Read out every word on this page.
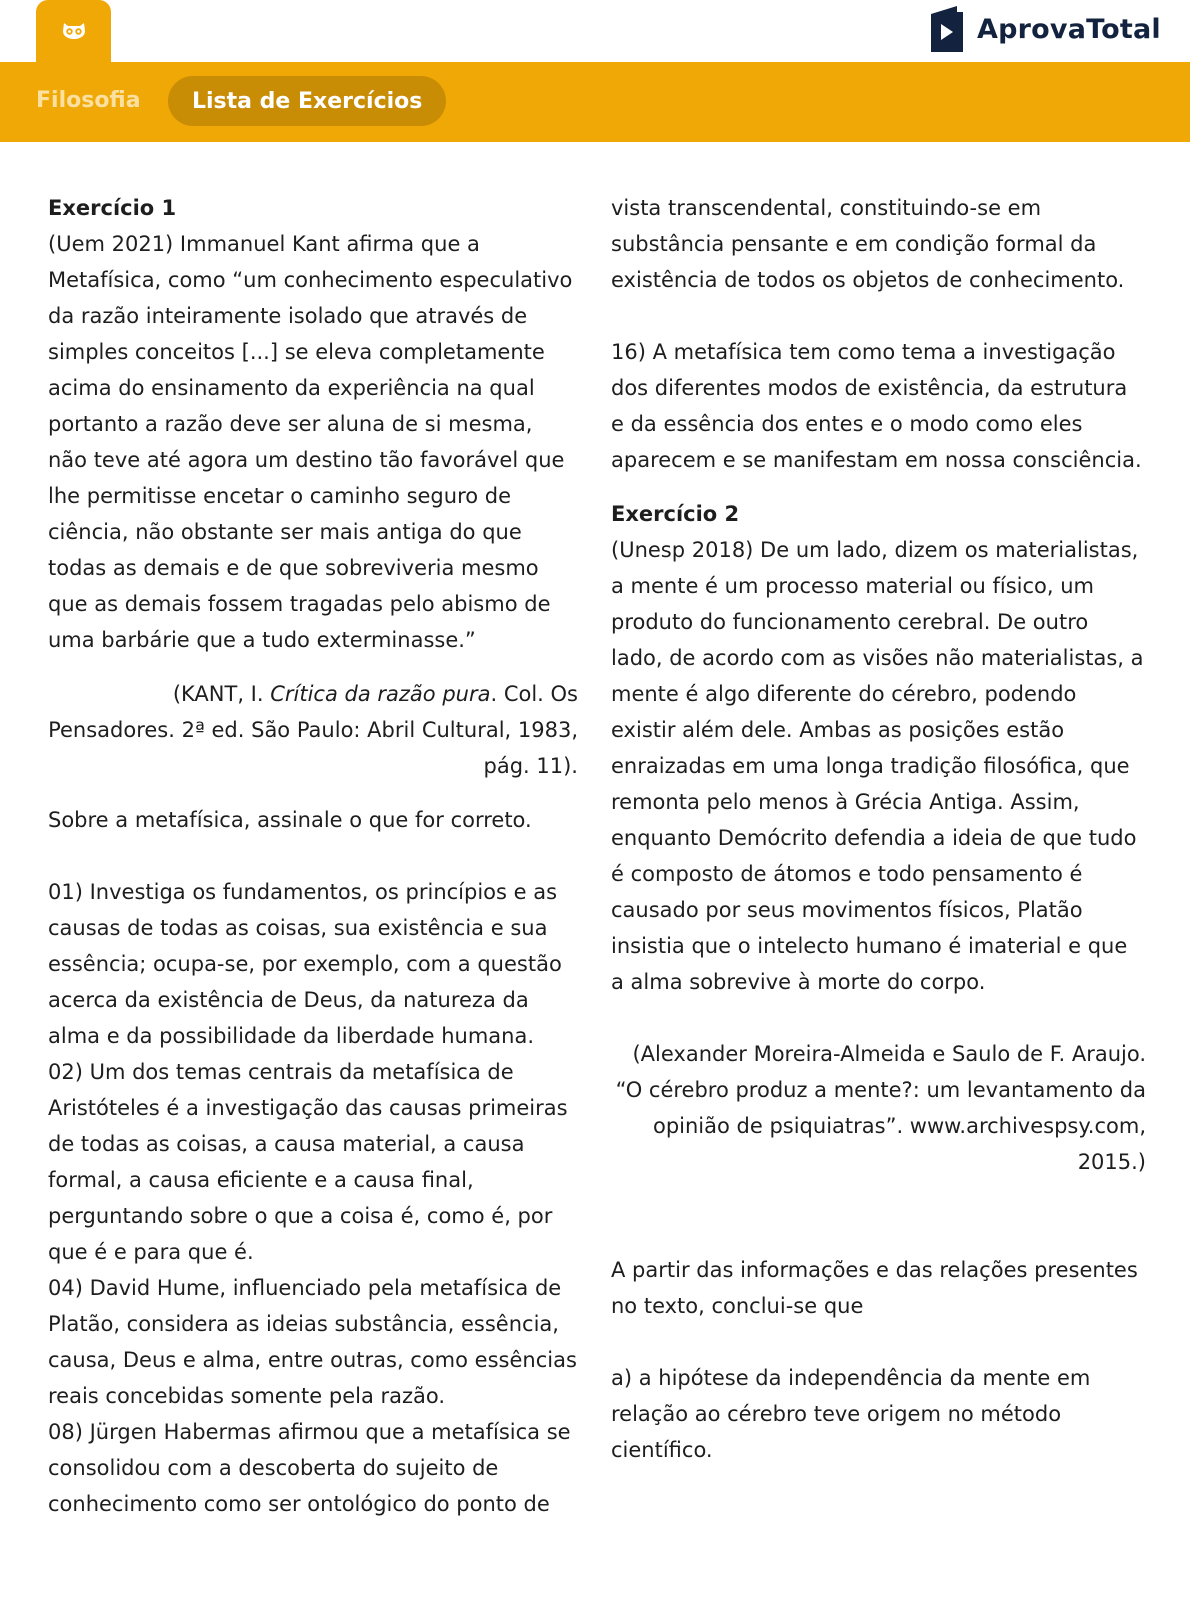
AprovaTotal
Filosofia	Lista de Exercícios

Exercício 1

(Uem 2021) Immanuel Kant afirma que a Metafísica, como “um conhecimento especulativo da razão inteiramente isolado que através de simples conceitos [...] se eleva completamente acima do ensinamento da experiência na qual portanto a razão deve ser aluna de si mesma, não teve até agora um destino tão favorável que lhe permitisse encetar o caminho seguro de ciência, não obstante ser mais antiga do que todas as demais e de que sobreviveria mesmo que as demais fossem tragadas pelo abismo de uma barbárie que a tudo exterminasse.”

(KANT, I. Crítica da razão pura. Col. Os Pensadores. 2ª ed. São Paulo: Abril Cultural, 1983, pág. 11).

Sobre a metafísica, assinale o que for correto.

01) Investiga os fundamentos, os princípios e as causas de todas as coisas, sua existência e sua essência; ocupa-se, por exemplo, com a questão acerca da existência de Deus, da natureza da alma e da possibilidade da liberdade humana.

02) Um dos temas centrais da metafísica de Aristóteles é a investigação das causas primeiras de todas as coisas, a causa material, a causa formal, a causa eficiente e a causa final, perguntando sobre o que a coisa é, como é, por que é e para que é.

04) David Hume, influenciado pela metafísica de Platão, considera as ideias substância, essência, causa, Deus e alma, entre outras, como essências reais concebidas somente pela razão.

08) Jürgen Habermas afirmou que a metafísica se consolidou com a descoberta do sujeito de conhecimento como ser ontológico do ponto de

vista transcendental, constituindo-se em substância pensante e em condição formal da existência de todos os objetos de conhecimento.

16) A metafísica tem como tema a investigação dos diferentes modos de existência, da estrutura e da essência dos entes e o modo como eles aparecem e se manifestam em nossa consciência.

Exercício 2

(Unesp 2018) De um lado, dizem os materialistas, a mente é um processo material ou físico, um produto do funcionamento cerebral. De outro lado, de acordo com as visões não materialistas, a mente é algo diferente do cérebro, podendo existir além dele. Ambas as posições estão enraizadas em uma longa tradição filosófica, que remonta pelo menos à Grécia Antiga. Assim, enquanto Demócrito defendia a ideia de que tudo é composto de átomos e todo pensamento é causado por seus movimentos físicos, Platão insistia que o intelecto humano é imaterial e que a alma sobrevive à morte do corpo.

(Alexander Moreira-Almeida e Saulo de F. Araujo. “O cérebro produz a mente?: um levantamento da opinião de psiquiatras”. www.archivespsy.com, 2015.)

A partir das informações e das relações presentes no texto, conclui-se que

a) a hipótese da independência da mente em relação ao cérebro teve origem no método científico.
